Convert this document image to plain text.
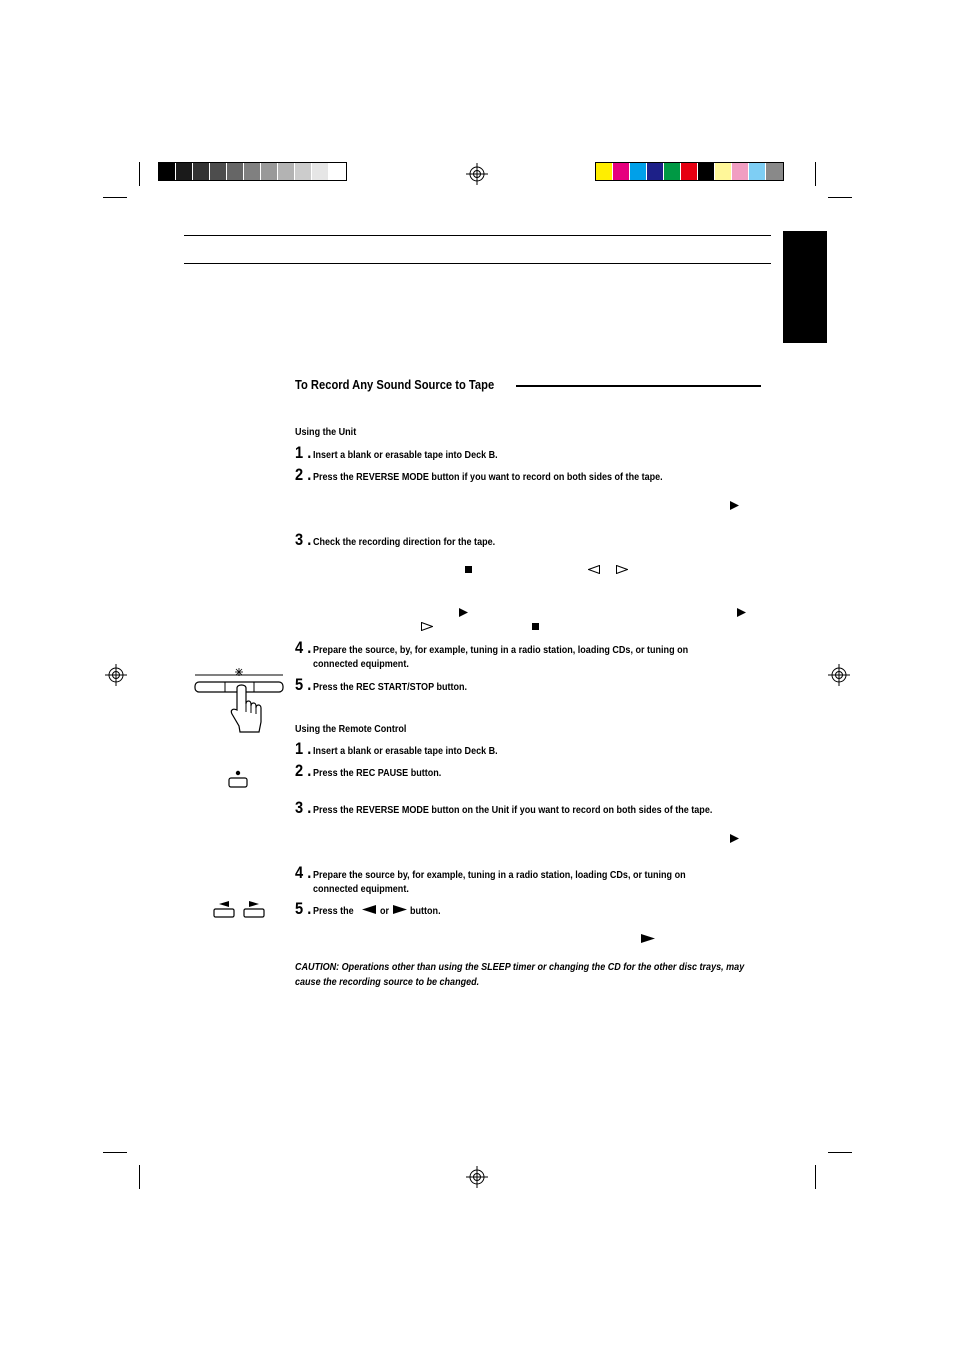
To Record Any Sound Source to Tape
Using the Unit
1 . Insert a blank or erasable tape into Deck B.
2 . Press the REVERSE MODE button if you want to record on both sides of the tape.
3 . Check the recording direction for the tape.
4 . Prepare the source, by, for example, tuning in a radio station, loading CDs, or tuning on
connected equipment.
5 . Press the REC START/STOP button.
Using the Remote Control
1 . Insert a blank or erasable tape into Deck B.
2 . Press the REC PAUSE button.
3 . Press the REVERSE MODE button on the Unit if you want to record on both sides of the tape.
4 . Prepare the source by, for example, tuning in a radio station, loading CDs, or tuning on
connected equipment.
5 . Press the	or button.
CAUTION: Operations other than using the SLEEP timer or changing the CD for the other disc trays, may cause the recording source to be changed.
